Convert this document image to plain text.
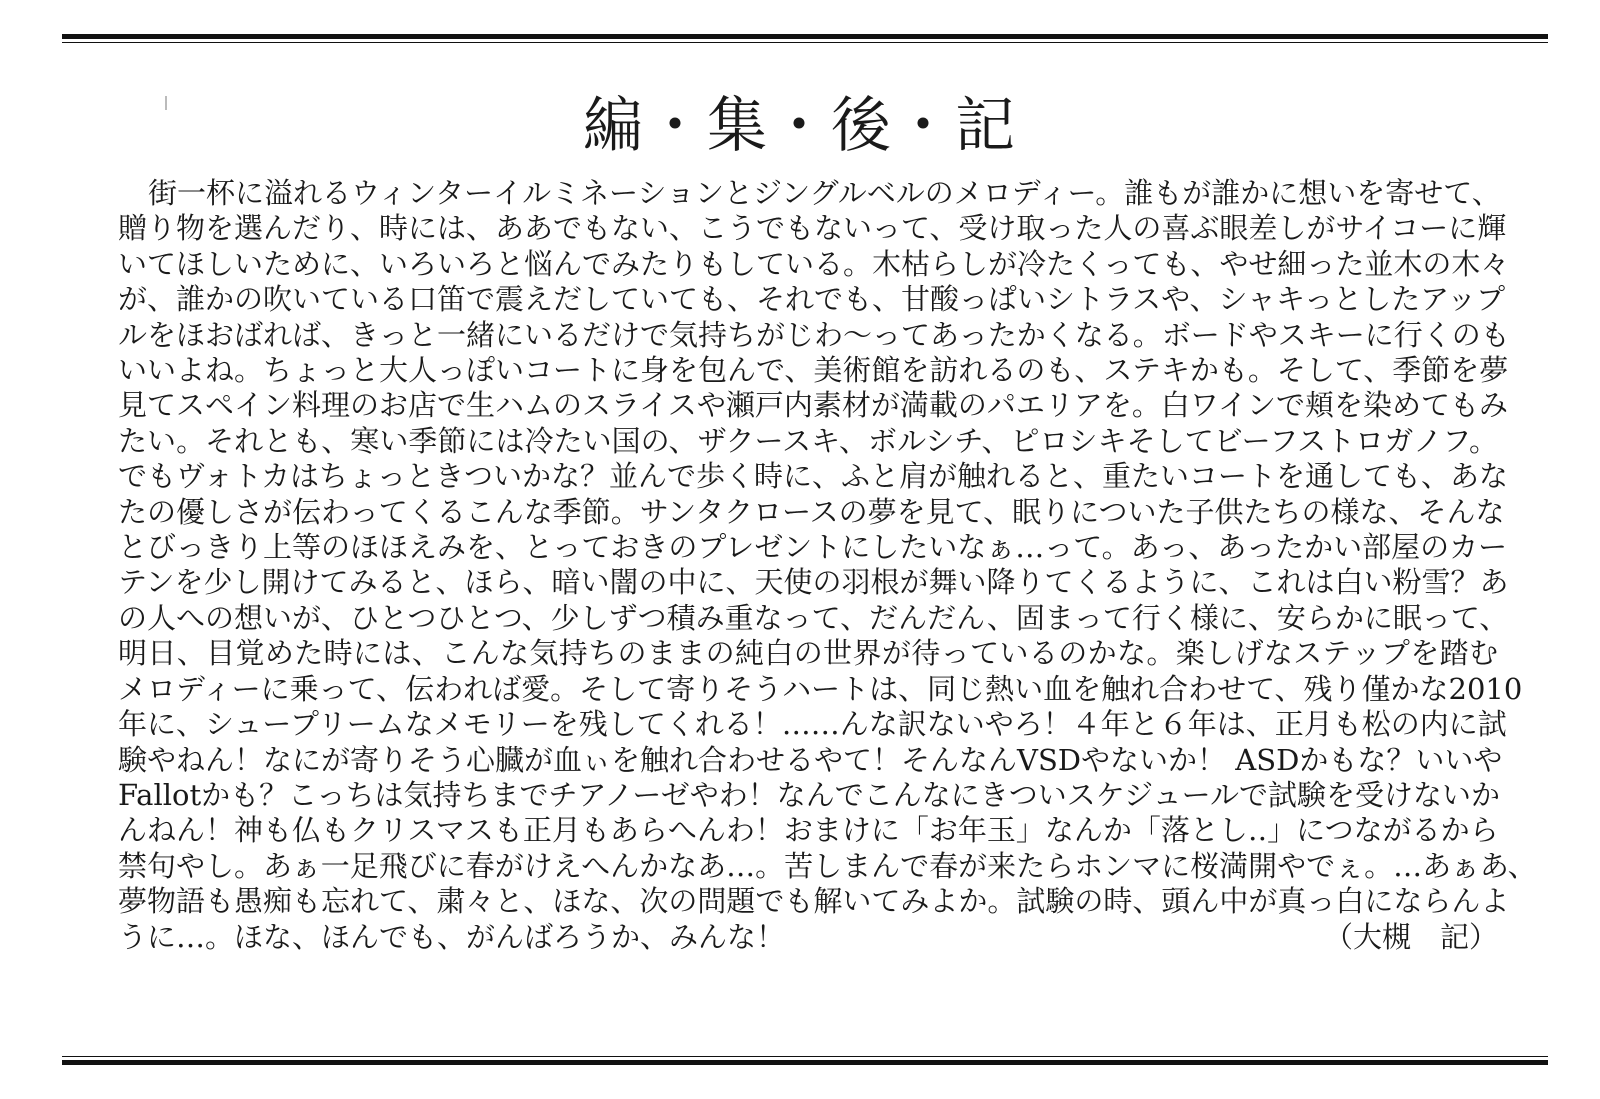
編・集・後・記
街一杯に溢れるウィンターイルミネーションとジングルベルのメロディー。誰もが誰かに想いを寄せて、
贈り物を選んだり、時には、ああでもない、こうでもないって、受け取った人の喜ぶ眼差しがサイコーに輝
いてほしいために、いろいろと悩んでみたりもしている。木枯らしが冷たくっても、やせ細った並木の木々
が、誰かの吹いている口笛で震えだしていても、それでも、甘酸っぱいシトラスや、シャキっとしたアップ
ルをほおばれば、きっと一緒にいるだけで気持ちがじわ〜ってあったかくなる。ボードやスキーに行くのも
いいよね。ちょっと大人っぽいコートに身を包んで、美術館を訪れるのも、ステキかも。そして、季節を夢
見てスペイン料理のお店で生ハムのスライスや瀬戸内素材が満載のパエリアを。白ワインで頬を染めてもみ
たい。それとも、寒い季節には冷たい国の、ザクースキ、ボルシチ、ピロシキそしてビーフストロガノフ。
でもヴォトカはちょっときついかな？並んで歩く時に、ふと肩が触れると、重たいコートを通しても、あな
たの優しさが伝わってくるこんな季節。サンタクロースの夢を見て、眠りについた子供たちの様な、そんな
とびっきり上等のほほえみを、とっておきのプレゼントにしたいなぁ…って。あっ、あったかい部屋のカー
テンを少し開けてみると、ほら、暗い闇の中に、天使の羽根が舞い降りてくるように、これは白い粉雪？あ
の人への想いが、ひとつひとつ、少しずつ積み重なって、だんだん、固まって行く様に、安らかに眠って、
明日、目覚めた時には、こんな気持ちのままの純白の世界が待っているのかな。楽しげなステップを踏む
メロディーに乗って、伝われば愛。そして寄りそうハートは、同じ熱い血を触れ合わせて、残り僅かな2010
年に、シュープリームなメモリーを残してくれる！……んな訳ないやろ！４年と６年は、正月も松の内に試
験やねん！なにが寄りそう心臓が血ぃを触れ合わせるやて！そんなんVSDやないか！ ASDかもな？いいや
Fallotかも？こっちは気持ちまでチアノーゼやわ！なんでこんなにきついスケジュールで試験を受けないか
んねん！神も仏もクリスマスも正月もあらへんわ！おまけに「お年玉」なんか「落とし‥」につながるから
禁句やし。あぁ一足飛びに春がけえへんかなあ…。苦しまんで春が来たらホンマに桜満開やでぇ。…あぁあ、
夢物語も愚痴も忘れて、粛々と、ほな、次の問題でも解いてみよか。試験の時、頭ん中が真っ白にならんよ
うに…。ほな、ほんでも、がんばろうか、みんな！	（大槻　記）
